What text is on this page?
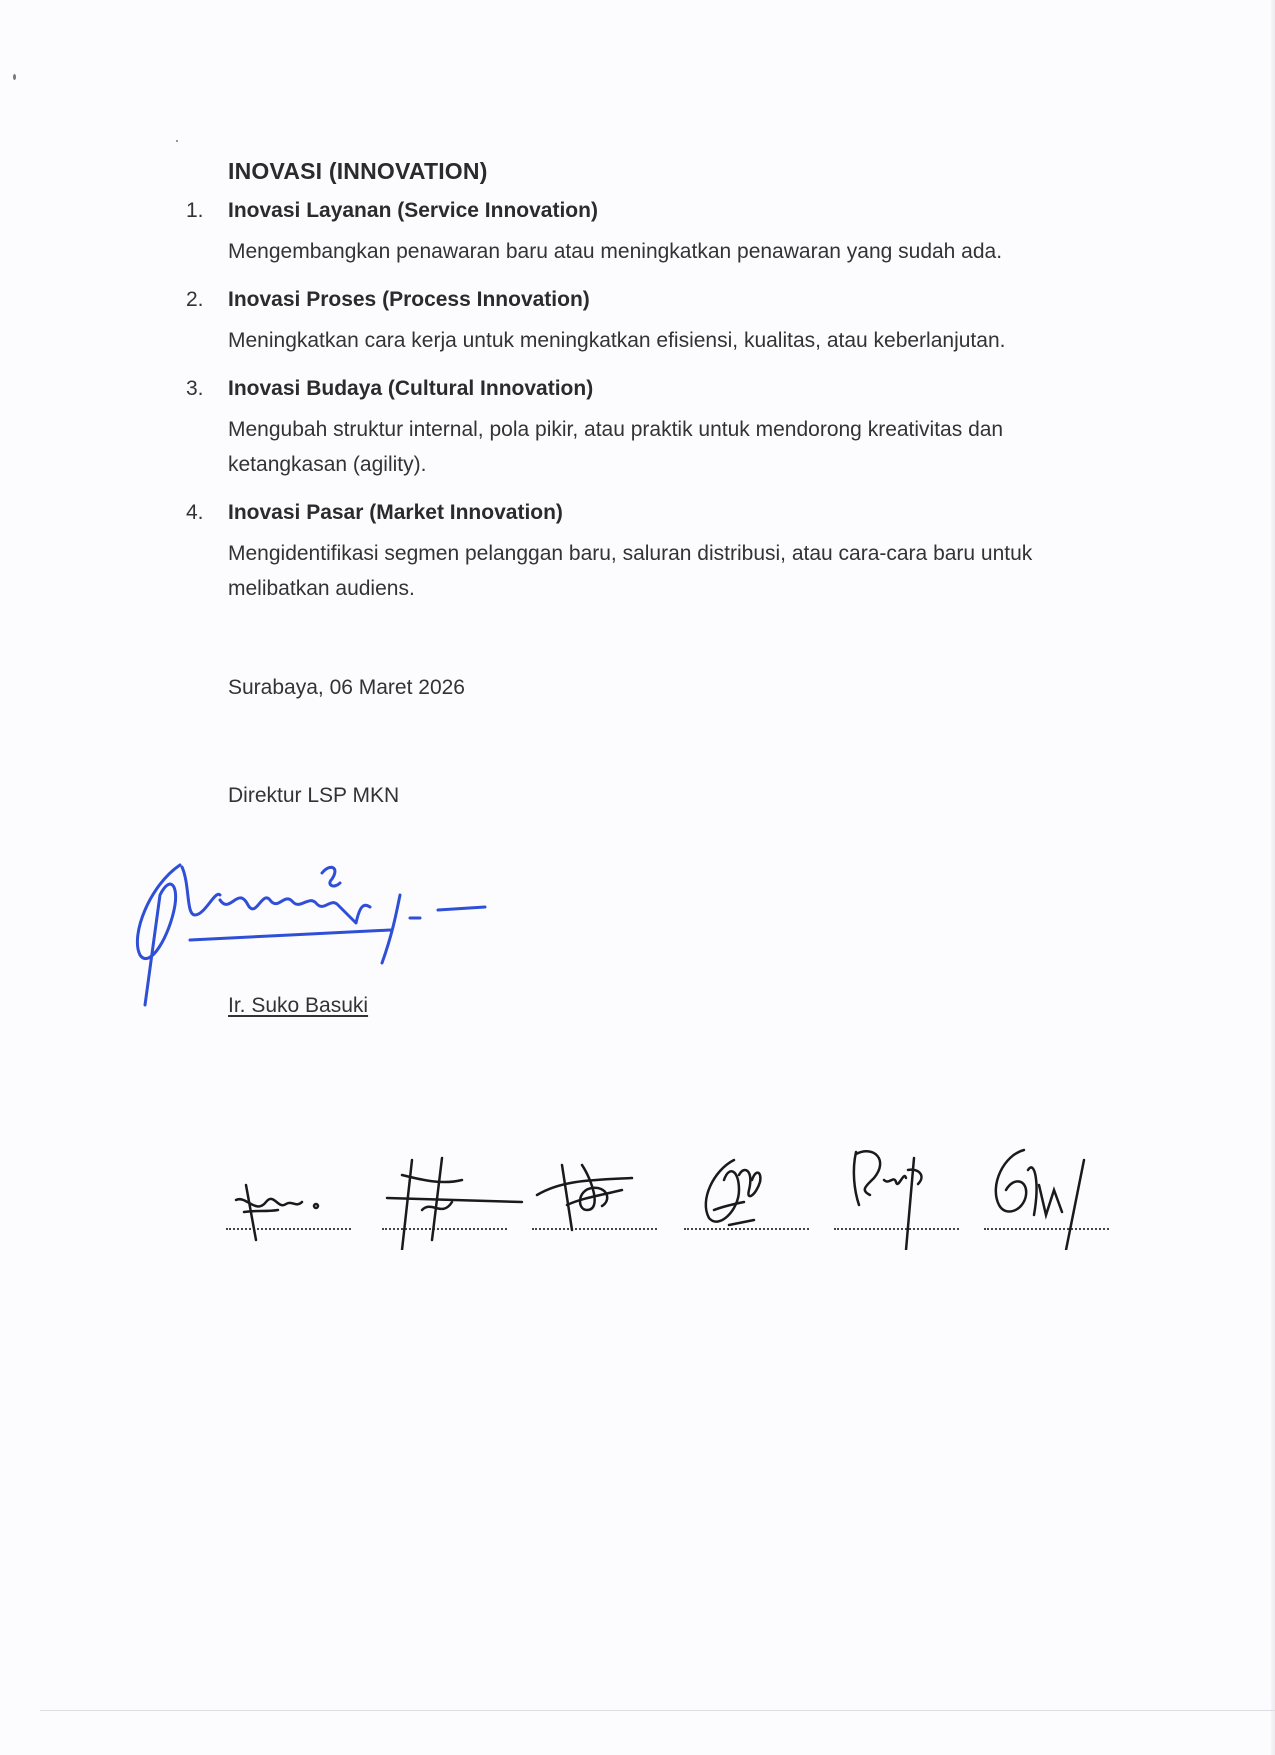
INOVASI (INNOVATION)
1. Inovasi Layanan (Service Innovation)
Mengembangkan penawaran baru atau meningkatkan penawaran yang sudah ada.
2. Inovasi Proses (Process Innovation)
Meningkatkan cara kerja untuk meningkatkan efisiensi, kualitas, atau keberlanjutan.
3. Inovasi Budaya (Cultural Innovation)
Mengubah struktur internal, pola pikir, atau praktik untuk mendorong kreativitas dan ketangkasan (agility).
4. Inovasi Pasar (Market Innovation)
Mengidentifikasi segmen pelanggan baru, saluran distribusi, atau cara-cara baru untuk melibatkan audiens.
Surabaya, 06 Maret 2026
Direktur LSP MKN
Ir. Suko Basuki
